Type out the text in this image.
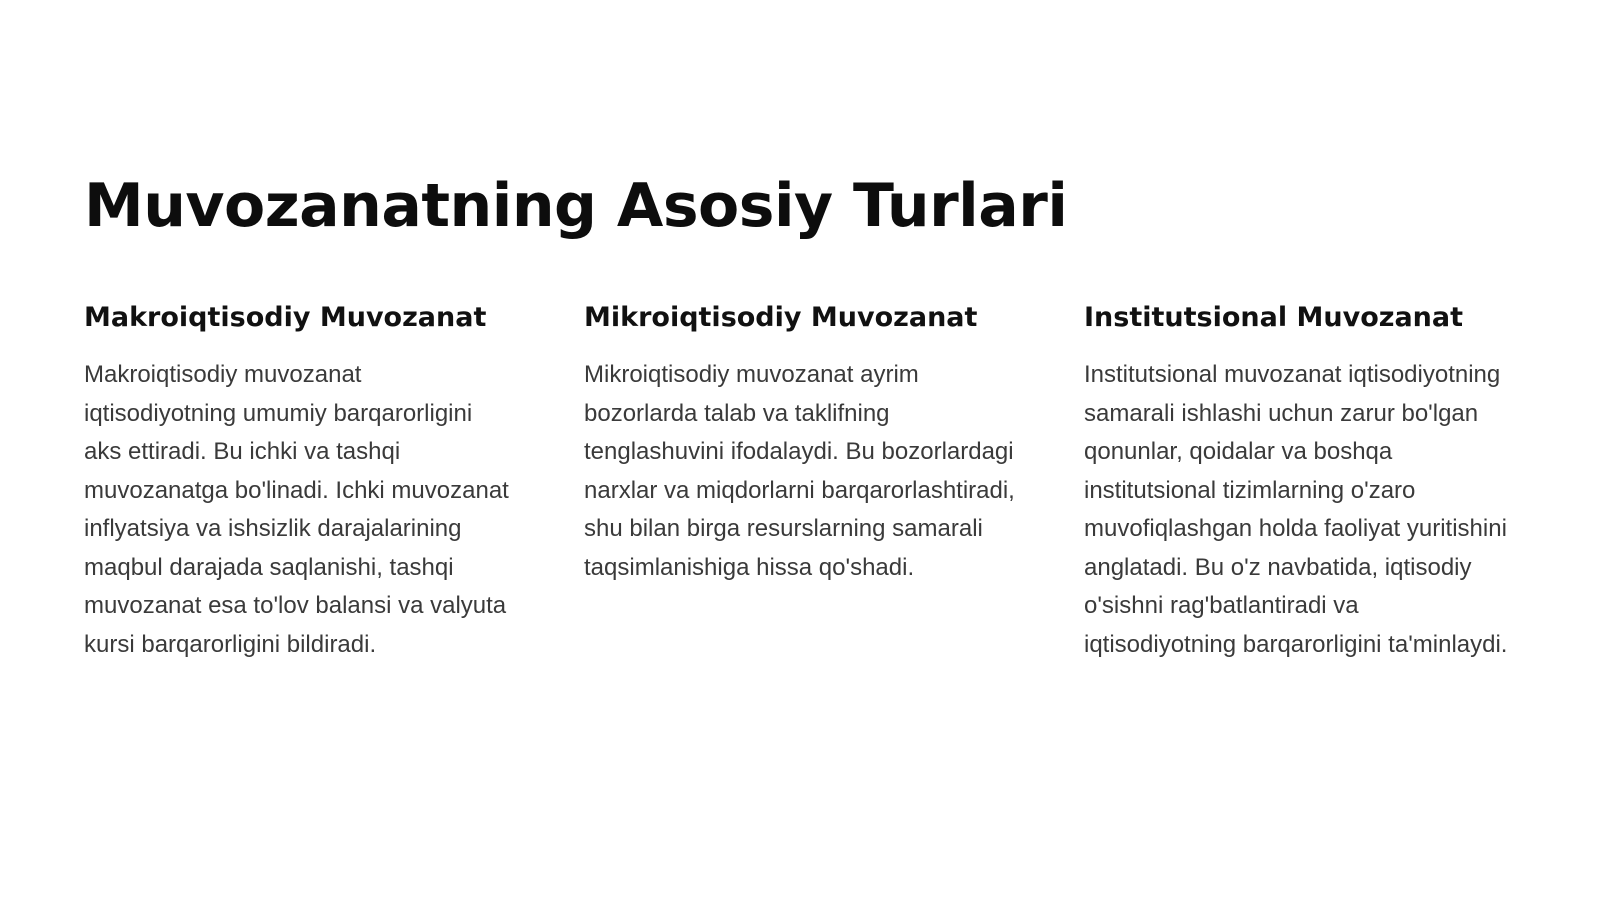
Muvozanatning Asosiy Turlari
Makroiqtisodiy Muvozanat

Makroiqtisodiy muvozanat iqtisodiyotning umumiy barqarorligini aks ettiradi. Bu ichki va tashqi muvozanatga bo'linadi. Ichki muvozanat inflyatsiya va ishsizlik darajalarining maqbul darajada saqlanishi, tashqi muvozanat esa to'lov balansi va valyuta kursi barqarorligini bildiradi.

Mikroiqtisodiy Muvozanat

Mikroiqtisodiy muvozanat ayrim bozorlarda talab va taklifning tenglashuvini ifodalaydi. Bu bozorlardagi narxlar va miqdorlarni barqarorlashtiradi, shu bilan birga resurslarning samarali taqsimlanishiga hissa qo'shadi.

Institutsional Muvozanat

Institutsional muvozanat iqtisodiyotning samarali ishlashi uchun zarur bo'lgan qonunlar, qoidalar va boshqa institutsional tizimlarning o'zaro muvofiqlashgan holda faoliyat yuritishini anglatadi. Bu o'z navbatida, iqtisodiy o'sishni rag'batlantiradi va iqtisodiyotning barqarorligini ta'minlaydi.
